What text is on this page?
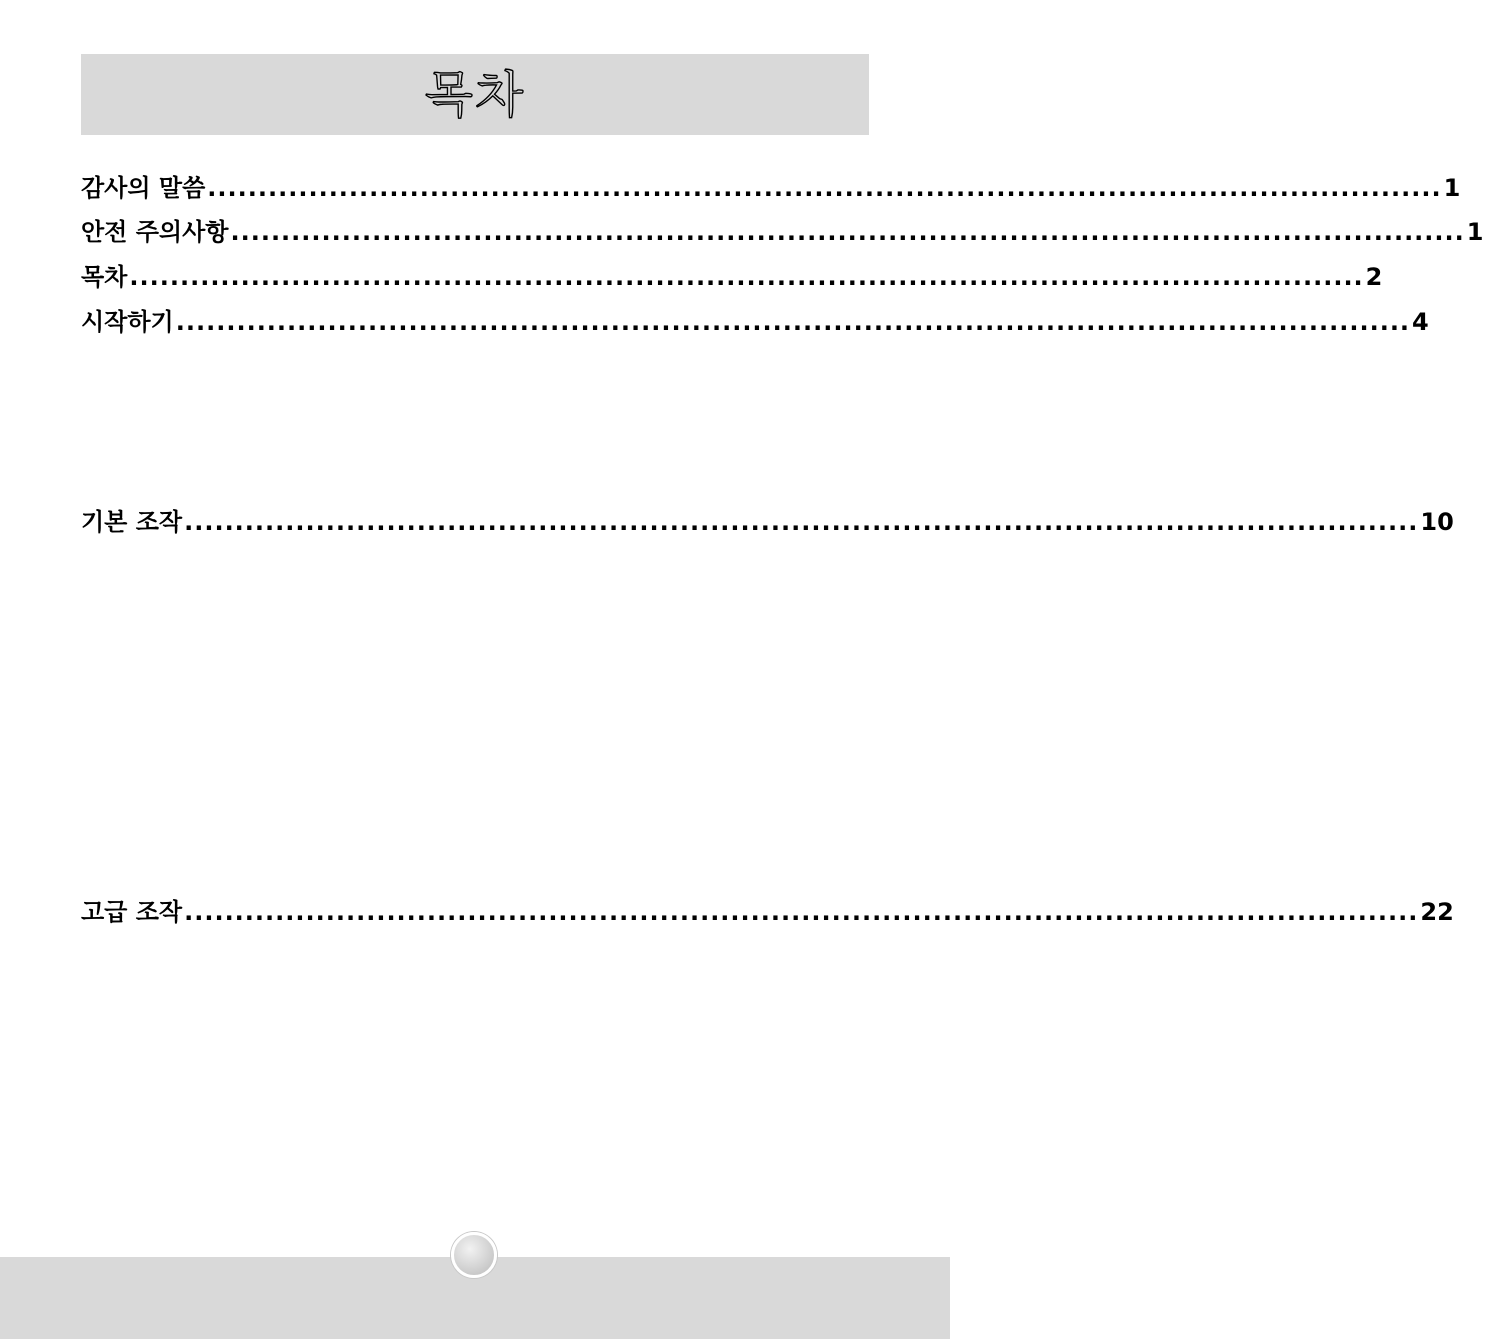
목차
감사의 말씀 .......................................................................................................................... 1
안전 주의사항 .......................................................................................................................... 1
목차 .......................................................................................................................... 2
시작하기 .......................................................................................................................... 4
기본 조작 .......................................................................................................................... 10
고급 조작 .......................................................................................................................... 22
